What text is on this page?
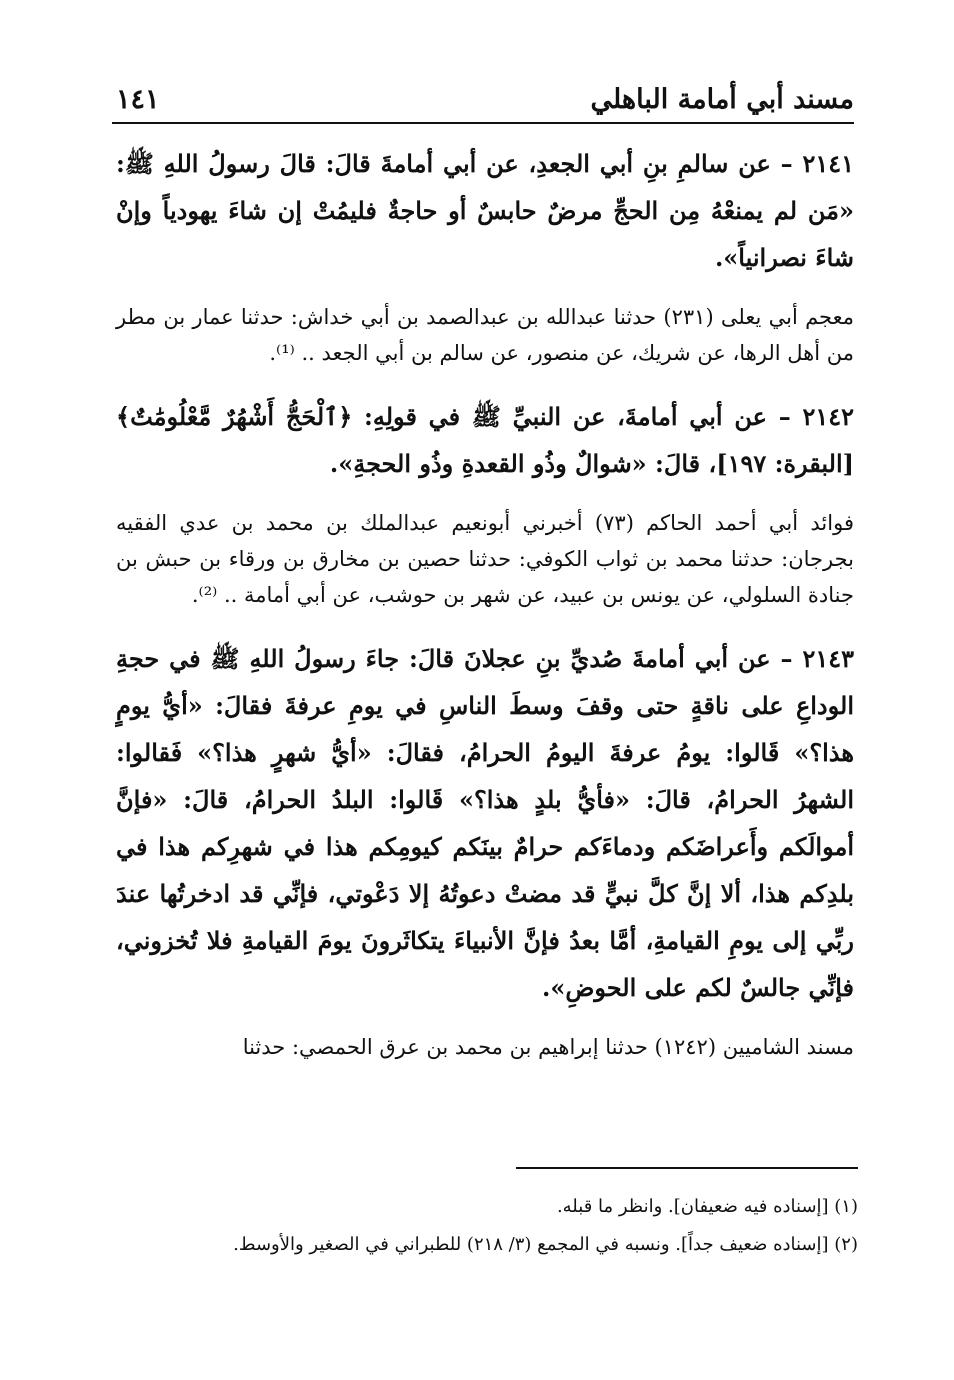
مسند أبي أمامة الباهلي
١٤١

٢١٤١ – عن سالمِ بنِ أبي الجعدِ، عن أبي أمامةَ قالَ: قالَ رسولُ اللهِ ﷺ: «مَن لم يمنعْهُ مِن الحجِّ مرضٌ حابسٌ أو حاجةٌ فليمُتْ إن شاءَ يهودياً وإنْ شاءَ نصرانياً».

معجم أبي يعلى (٢٣١) حدثنا عبدالله بن عبدالصمد بن أبي خداش: حدثنا عمار بن مطر من أهل الرها، عن شريك، عن منصور، عن سالم بن أبي الجعد .. ⁽¹⁾.

٢١٤٢ – عن أبي أمامةَ، عن النبيِّ ﷺ في قولِهِ: ﴿ٱلْحَجُّ أَشْهُرٌ مَّعْلُومَٰتٌ﴾ [البقرة: ١٩٧]، قالَ: «شوالٌ وذُو القعدةِ وذُو الحجةِ».

فوائد أبي أحمد الحاكم (٧٣) أخبرني أبونعيم عبدالملك بن محمد بن عدي الفقيه بجرجان: حدثنا محمد بن ثواب الكوفي: حدثنا حصين بن مخارق بن ورقاء بن حبش بن جنادة السلولي، عن يونس بن عبيد، عن شهر بن حوشب، عن أبي أمامة .. ⁽²⁾.

٢١٤٣ – عن أبي أمامةَ صُديِّ بنِ عجلانَ قالَ: جاءَ رسولُ اللهِ ﷺ في حجةِ الوداعِ على ناقةٍ حتى وقفَ وسطَ الناسِ في يومِ عرفةَ فقالَ: «أيُّ يومٍ هذا؟» قَالوا: يومُ عرفةَ اليومُ الحرامُ، فقالَ: «أيُّ شهرٍ هذا؟» فَقالوا: الشهرُ الحرامُ، قالَ: «فأيُّ بلدٍ هذا؟» قَالوا: البلدُ الحرامُ، قالَ: «فإنَّ أموالَكم وأَعراضَكم ودماءَكم حرامٌ بينَكم كيومِكم هذا في شهرِكم هذا في بلدِكم هذا، ألا إنَّ كلَّ نبيٍّ قد مضتْ دعوتُهُ إلا دَعْوتي، فإنِّي قد ادخرتُها عندَ ربِّي إلى يومِ القيامةِ، أمَّا بعدُ فإنَّ الأنبياءَ يتكاثَرونَ يومَ القيامةِ فلا تُخزوني، فإنِّي جالسٌ لكم على الحوضِ».

مسند الشاميين (١٢٤٢) حدثنا إبراهيم بن محمد بن عرق الحمصي: حدثنا

(١) [إسناده فيه ضعيفان]. وانظر ما قبله.

(٢) [إسناده ضعيف جداً]. ونسبه في المجمع (٣/ ٢١٨) للطبراني في الصغير والأوسط.
